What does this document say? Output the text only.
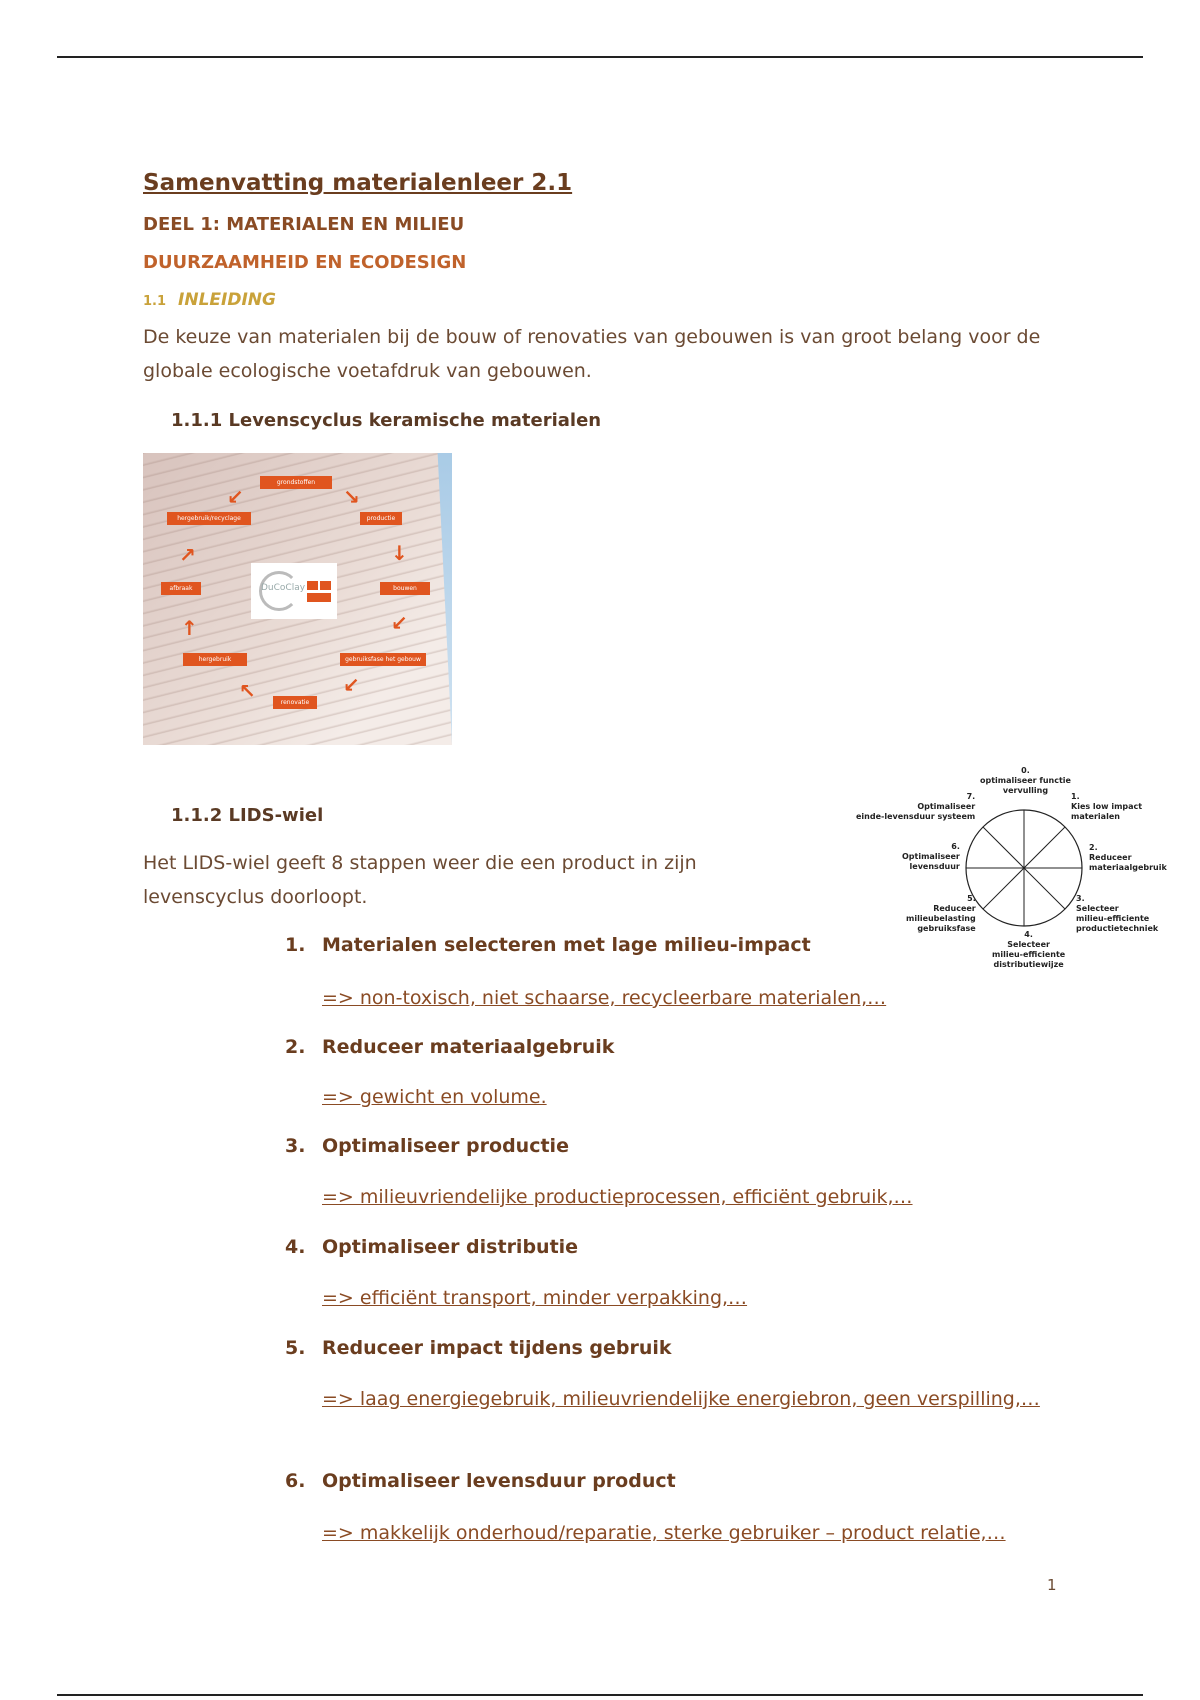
Samenvatting materialenleer 2.1
DEEL 1: MATERIALEN EN MILIEU
DUURZAAMHEID EN ECODESIGN
1.1 INLEIDING

De keuze van materialen bij de bouw of renovaties van gebouwen is van groot belang voor de globale ecologische voetafdruk van gebouwen.

1.1.1 Levenscyclus keramische materialen
grondstoffen
productie
bouwen
gebruiksfase het gebouw
renovatie
hergebruik
afbraak
hergebruik/recyclage
↙	↘
↓
↙
↙
↖
↑
↗
DuCoClay
1.1.2 LIDS-wiel

Het LIDS-wiel geeft 8 stappen weer die een product in zijn levenscyclus doorloopt.

0.
optimaliseer functie
vervulling
1.
Kies low impact
materialen
2.
Reduceer
materiaalgebruik
3.
Selecteer
milieu-efficiente
productietechniek
4.
Selecteer
milieu-efficiente
distributiewijze
5.
Reduceer
milieubelasting
gebruiksfase
6.
Optimaliseer
levensduur
7.
Optimaliseer
einde-levensduur systeem

1. Materialen selecteren met lage milieu-impact

=> non-toxisch, niet schaarse, recycleerbare materialen,…

2. Reduceer materiaalgebruik

=> gewicht en volume.

3. Optimaliseer productie

=> milieuvriendelijke productieprocessen, efficiënt gebruik,…

4. Optimaliseer distributie

=> efficiënt transport, minder verpakking,…

5. Reduceer impact tijdens gebruik

=> laag energiegebruik, milieuvriendelijke energiebron, geen verspilling,…

6. Optimaliseer levensduur product

=> makkelijk onderhoud/reparatie, sterke gebruiker – product relatie,…

1
